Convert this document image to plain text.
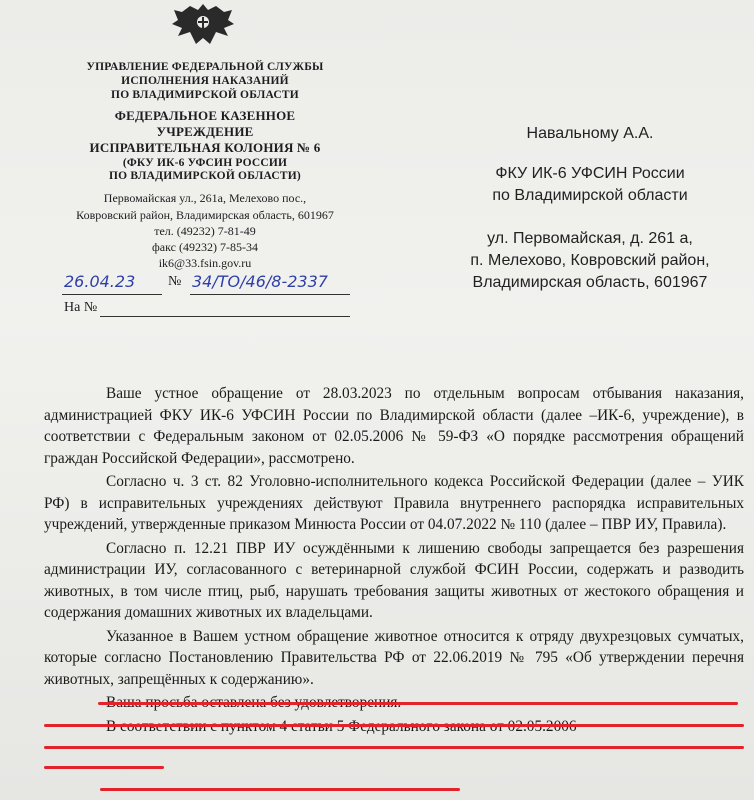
УПРАВЛЕНИЕ ФЕДЕРАЛЬНОЙ СЛУЖБЫ
ИСПОЛНЕНИЯ НАКАЗАНИЙ
ПО ВЛАДИМИРСКОЙ ОБЛАСТИ
ФЕДЕРАЛЬНОЕ КАЗЕННОЕ
УЧРЕЖДЕНИЕ
ИСПРАВИТЕЛЬНАЯ КОЛОНИЯ № 6
(ФКУ ИК-6 УФСИН РОССИИ
ПО ВЛАДИМИРСКОЙ ОБЛАСТИ)
Первомайская ул., 261а, Мелехово пос.,
Ковровский район, Владимирская область, 601967
тел. (49232) 7-81-49
факс (49232) 7-85-34
ik6@33.fsin.gov.ru
26.04.23 № 34/TO/46/8-2337
На №
Навальному А.А.
ФКУ ИК-6 УФСИН России
по Владимирской области
ул. Первомайская, д. 261 а,
п. Мелехово, Ковровский район,
Владимирская область, 601967

Ваше устное обращение от 28.03.2023 по отдельным вопросам отбывания наказания, администрацией ФКУ ИК-6 УФСИН России по Владимирской области (далее –ИК-6, учреждение), в соответствии с Федеральным законом от 02.05.2006 № 59-ФЗ «О порядке рассмотрения обращений граждан Российской Федерации», рассмотрено.

Согласно ч. 3 ст. 82 Уголовно-исполнительного кодекса Российской Федерации (далее – УИК РФ) в исправительных учреждениях действуют Правила внутреннего распорядка исправительных учреждений, утвержденные приказом Минюста России от 04.07.2022 № 110 (далее – ПВР ИУ, Правила).

Согласно п. 12.21 ПВР ИУ осуждёнными к лишению свободы запрещается без разрешения администрации ИУ, согласованного с ветеринарной службой ФСИН России, содержать и разводить животных, в том числе птиц, рыб, нарушать требования защиты животных от жестокого обращения и содержания домашних животных их владельцами.

Указанное в Вашем устном обращение животное относится к отряду двухрезцовых сумчатых, которые согласно Постановлению Правительства РФ от 22.06.2019 № 795 «Об утверждении перечня животных, запрещённых к содержанию».
